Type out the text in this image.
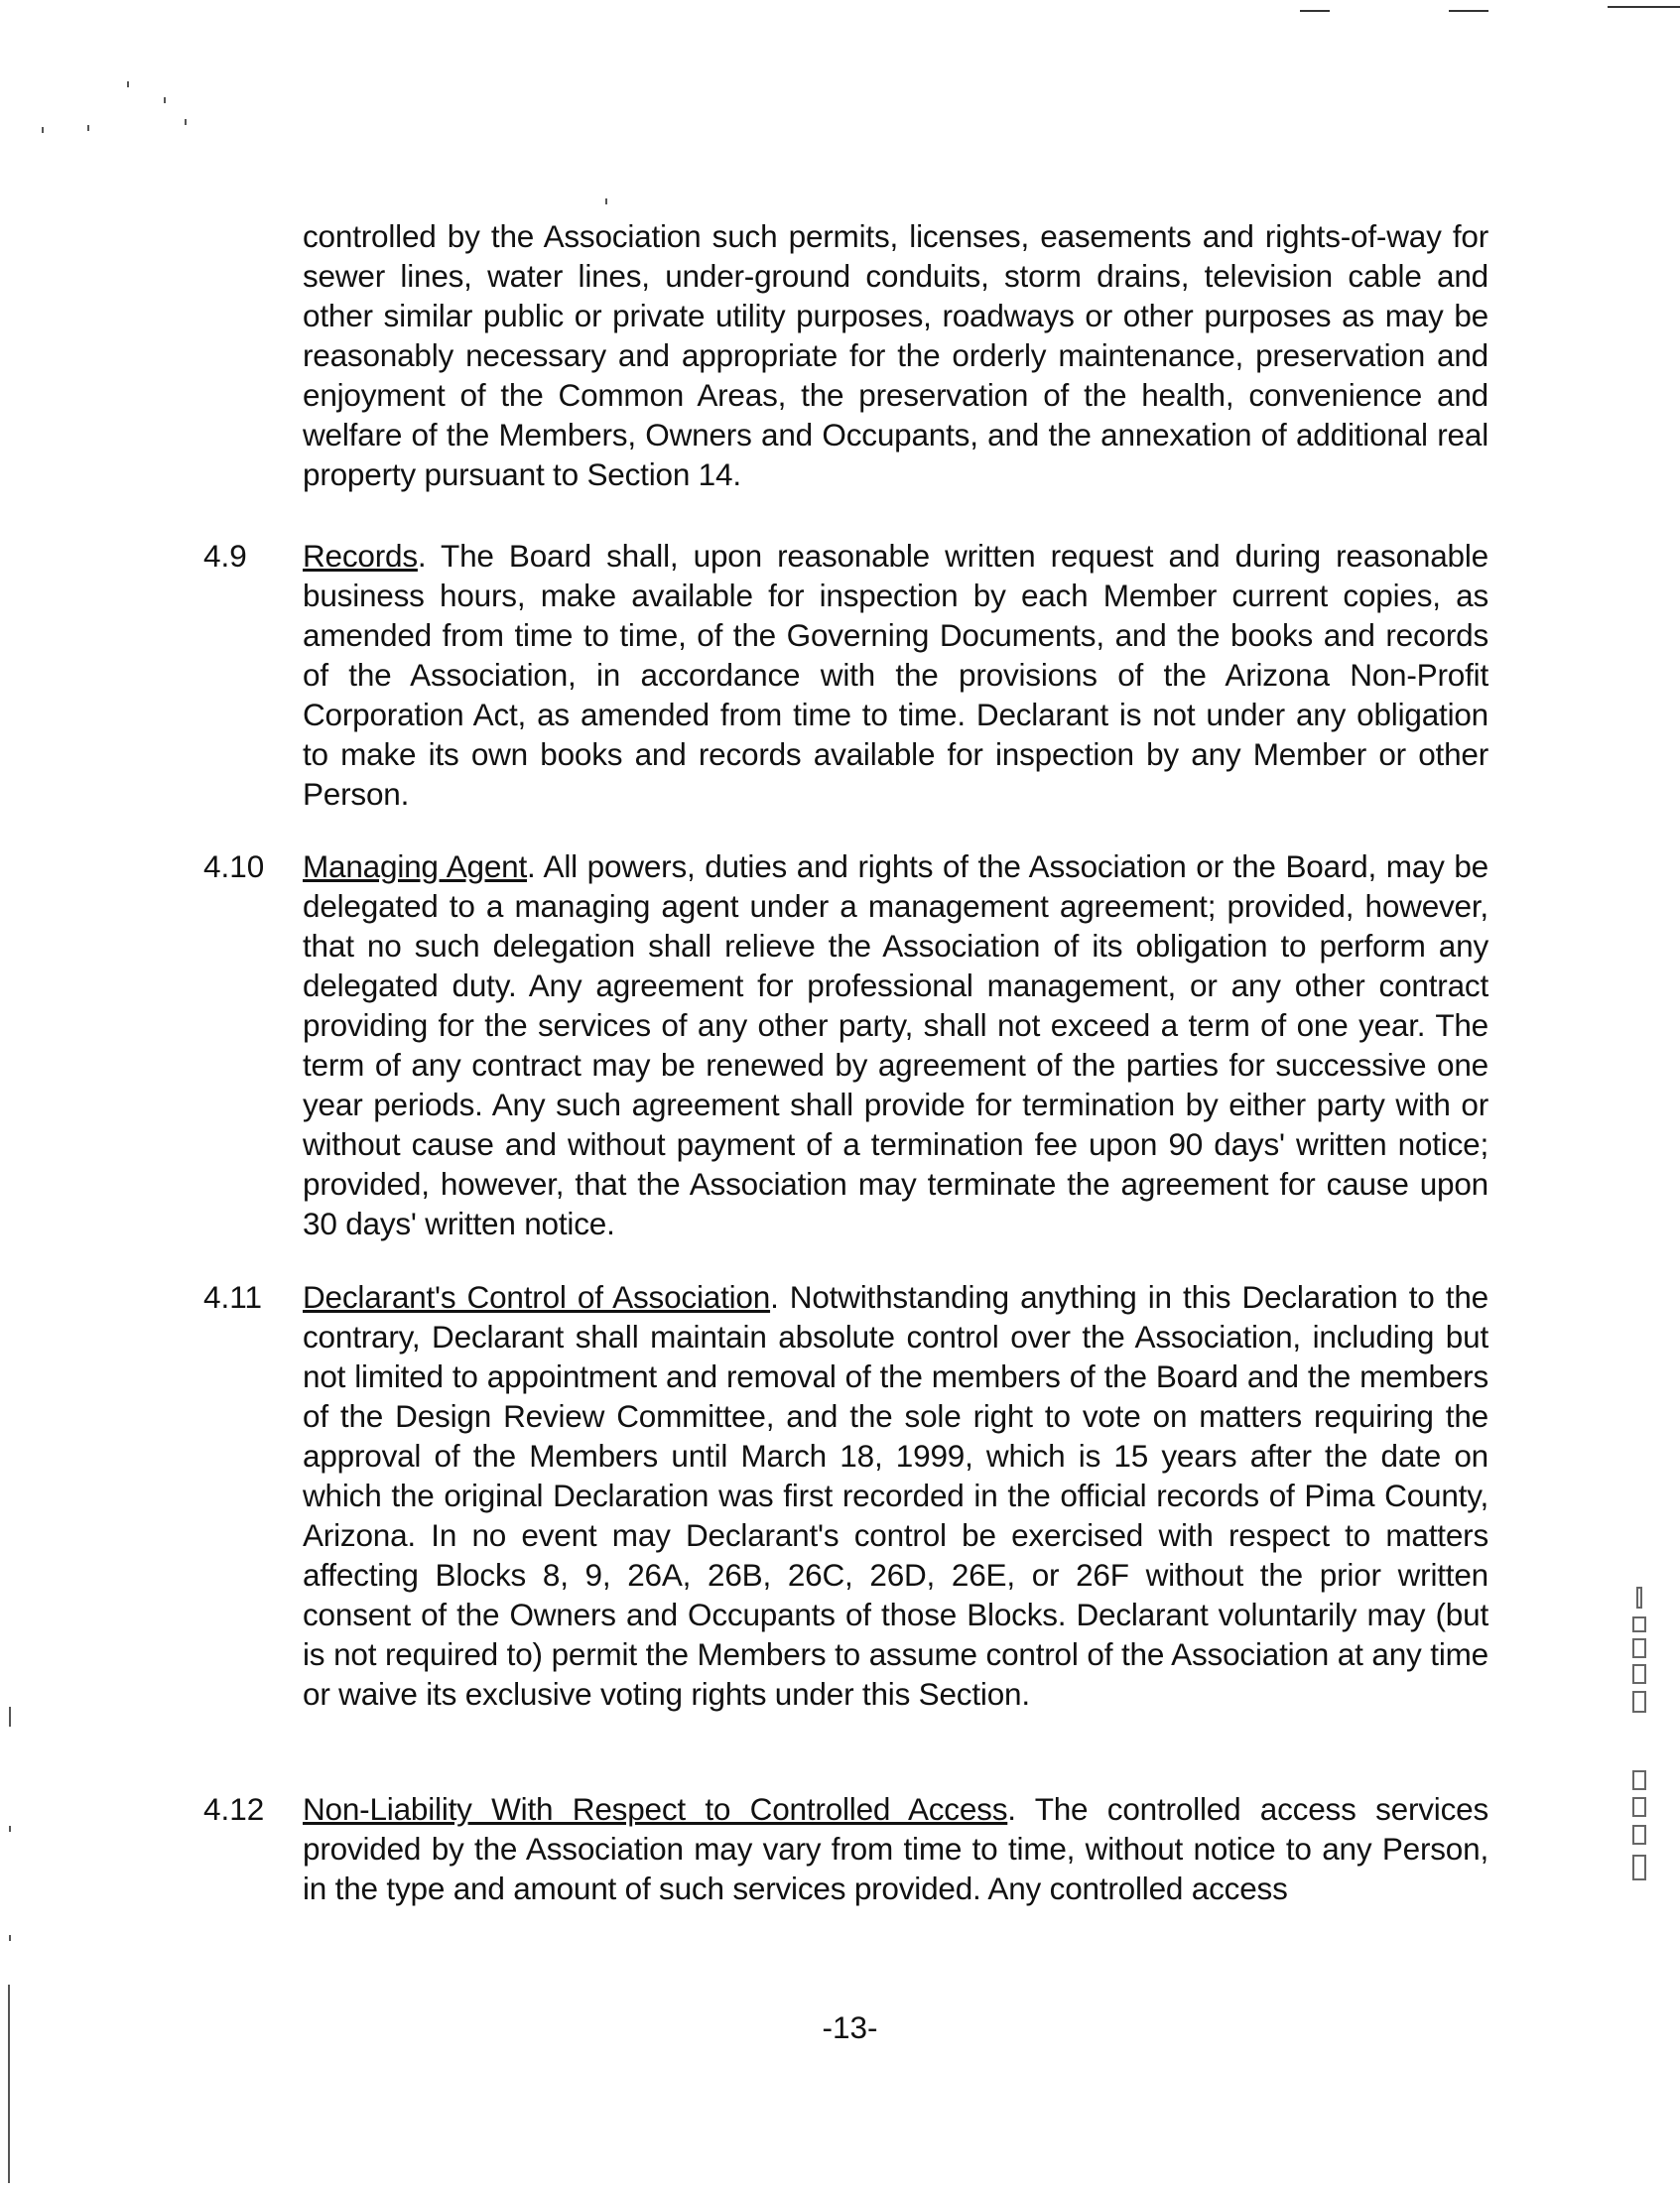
controlled by the Association such permits, licenses, easements and rights-of-way for sewer lines, water lines, under-ground conduits, storm drains, television cable and other similar public or private utility purposes, roadways or other purposes as may be reasonably necessary and appropriate for the orderly maintenance, preservation and enjoyment of the Common Areas, the preservation of the health, convenience and welfare of the Members, Owners and Occupants, and the annexation of additional real property pursuant to Section 14.
4.9	Records. The Board shall, upon reasonable written request and during reasonable business hours, make available for inspection by each Member current copies, as amended from time to time, of the Governing Documents, and the books and records of the Association, in accordance with the provisions of the Arizona Non-Profit Corporation Act, as amended from time to time. Declarant is not under any obligation to make its own books and records available for inspection by any Member or other Person.
4.10	Managing Agent. All powers, duties and rights of the Association or the Board, may be delegated to a managing agent under a management agreement; provided, however, that no such delegation shall relieve the Association of its obligation to perform any delegated duty. Any agreement for professional management, or any other contract providing for the services of any other party, shall not exceed a term of one year. The term of any contract may be renewed by agreement of the parties for successive one year periods. Any such agreement shall provide for termination by either party with or without cause and without payment of a termination fee upon 90 days' written notice; provided, however, that the Association may terminate the agreement for cause upon 30 days' written notice.
4.11	Declarant's Control of Association. Notwithstanding anything in this Declaration to the contrary, Declarant shall maintain absolute control over the Association, including but not limited to appointment and removal of the members of the Board and the members of the Design Review Committee, and the sole right to vote on matters requiring the approval of the Members until March 18, 1999, which is 15 years after the date on which the original Declaration was first recorded in the official records of Pima County, Arizona. In no event may Declarant's control be exercised with respect to matters affecting Blocks 8, 9, 26A, 26B, 26C, 26D, 26E, or 26F without the prior written consent of the Owners and Occupants of those Blocks. Declarant voluntarily may (but is not required to) permit the Members to assume control of the Association at any time or waive its exclusive voting rights under this Section.
4.12	Non-Liability With Respect to Controlled Access. The controlled access services provided by the Association may vary from time to time, without notice to any Person, in the type and amount of such services provided. Any controlled access
-13-
